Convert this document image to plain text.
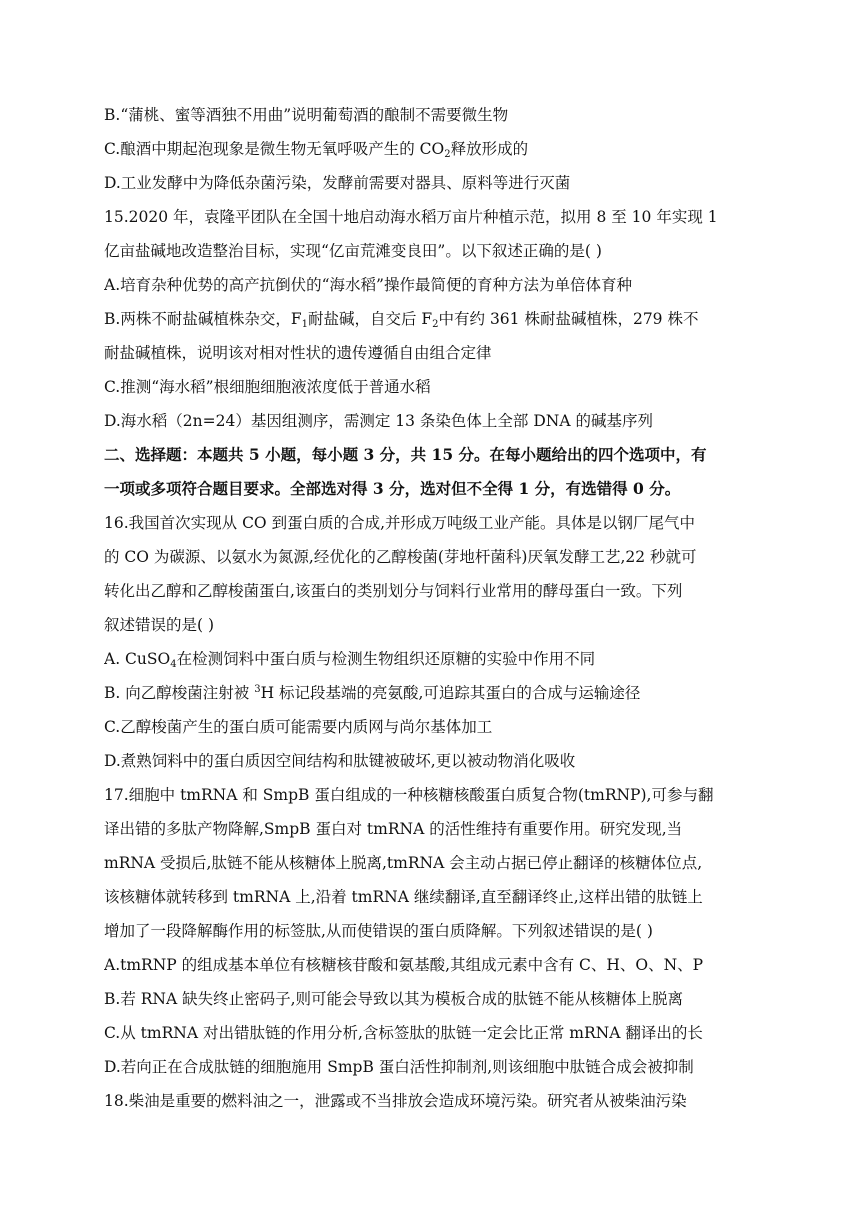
B.“蒲桃、蜜等酒独不用曲”说明葡萄酒的酿制不需要微生物
C.酿酒中期起泡现象是微生物无氧呼吸产生的 $CO_2$释放形成的
D.工业发酵中为降低杂菌污染，发酵前需要对器具、原料等进行灭菌
15.2020 年，袁隆平团队在全国十地启动海水稻万亩片种植示范，拟用 8 至 10 年实现 1
亿亩盐碱地改造整治目标，实现“亿亩荒滩变良田”。以下叙述正确的是( )
A.培育杂种优势的高产抗倒伏的“海水稻”操作最简便的育种方法为单倍体育种
B.两株不耐盐碱植株杂交，$F_1$耐盐碱，自交后 $F_2$中有约 361 株耐盐碱植株，279 株不
耐盐碱植株，说明该对相对性状的遗传遵循自由组合定律
C.推测“海水稻”根细胞细胞液浓度低于普通水稻
D.海水稻（2n=24）基因组测序，需测定 13 条染色体上全部 DNA 的碱基序列
二、选择题：本题共 5 小题，每小题 3 分，共 15 分。在每小题给出的四个选项中，有
一项或多项符合题目要求。全部选对得 3 分，选对但不全得 1 分，有选错得 0 分。
16.我国首次实现从 CO 到蛋白质的合成,并形成万吨级工业产能。具体是以钢厂尾气中
的 CO 为碳源、以氨水为氮源,经优化的乙醇梭菌(芽地杆菌科)厌氧发酵工艺,22 秒就可
转化出乙醇和乙醇梭菌蛋白,该蛋白的类别划分与饲料行业常用的酵母蛋白一致。下列
叙述错误的是( )
A. CuSO$_4$在检测饲料中蛋白质与检测生物组织还原糖的实验中作用不同
B. 向乙醇梭菌注射被 $^3$H 标记段基端的亮氨酸,可追踪其蛋白的合成与运输途径
C.乙醇梭菌产生的蛋白质可能需要内质网与尚尔基体加工
D.煮熟饲料中的蛋白质因空间结构和肽键被破坏,更以被动物消化吸收
17.细胞中 tmRNA 和 SmpB 蛋白组成的一种核糖核酸蛋白质复合物(tmRNP),可参与翻
译出错的多肽产物降解,SmpB 蛋白对 tmRNA 的活性维持有重要作用。研究发现,当
mRNA 受损后,肽链不能从核糖体上脱离,tmRNA 会主动占据已停止翻译的核糖体位点,
该核糖体就转移到 tmRNA 上,沿着 tmRNA 继续翻译,直至翻译终止,这样出错的肽链上
增加了一段降解酶作用的标签肽,从而使错误的蛋白质降解。下列叙述错误的是( )
A.tmRNP 的组成基本单位有核糖核苷酸和氨基酸,其组成元素中含有 C、H、O、N、P
B.若 RNA 缺失终止密码子,则可能会导致以其为模板合成的肽链不能从核糖体上脱离
C.从 tmRNA 对出错肽链的作用分析,含标签肽的肽链一定会比正常 mRNA 翻译出的长
D.若向正在合成肽链的细胞施用 SmpB 蛋白活性抑制剂,则该细胞中肽链合成会被抑制
18.柴油是重要的燃料油之一，泄露或不当排放会造成环境污染。研究者从被柴油污染
